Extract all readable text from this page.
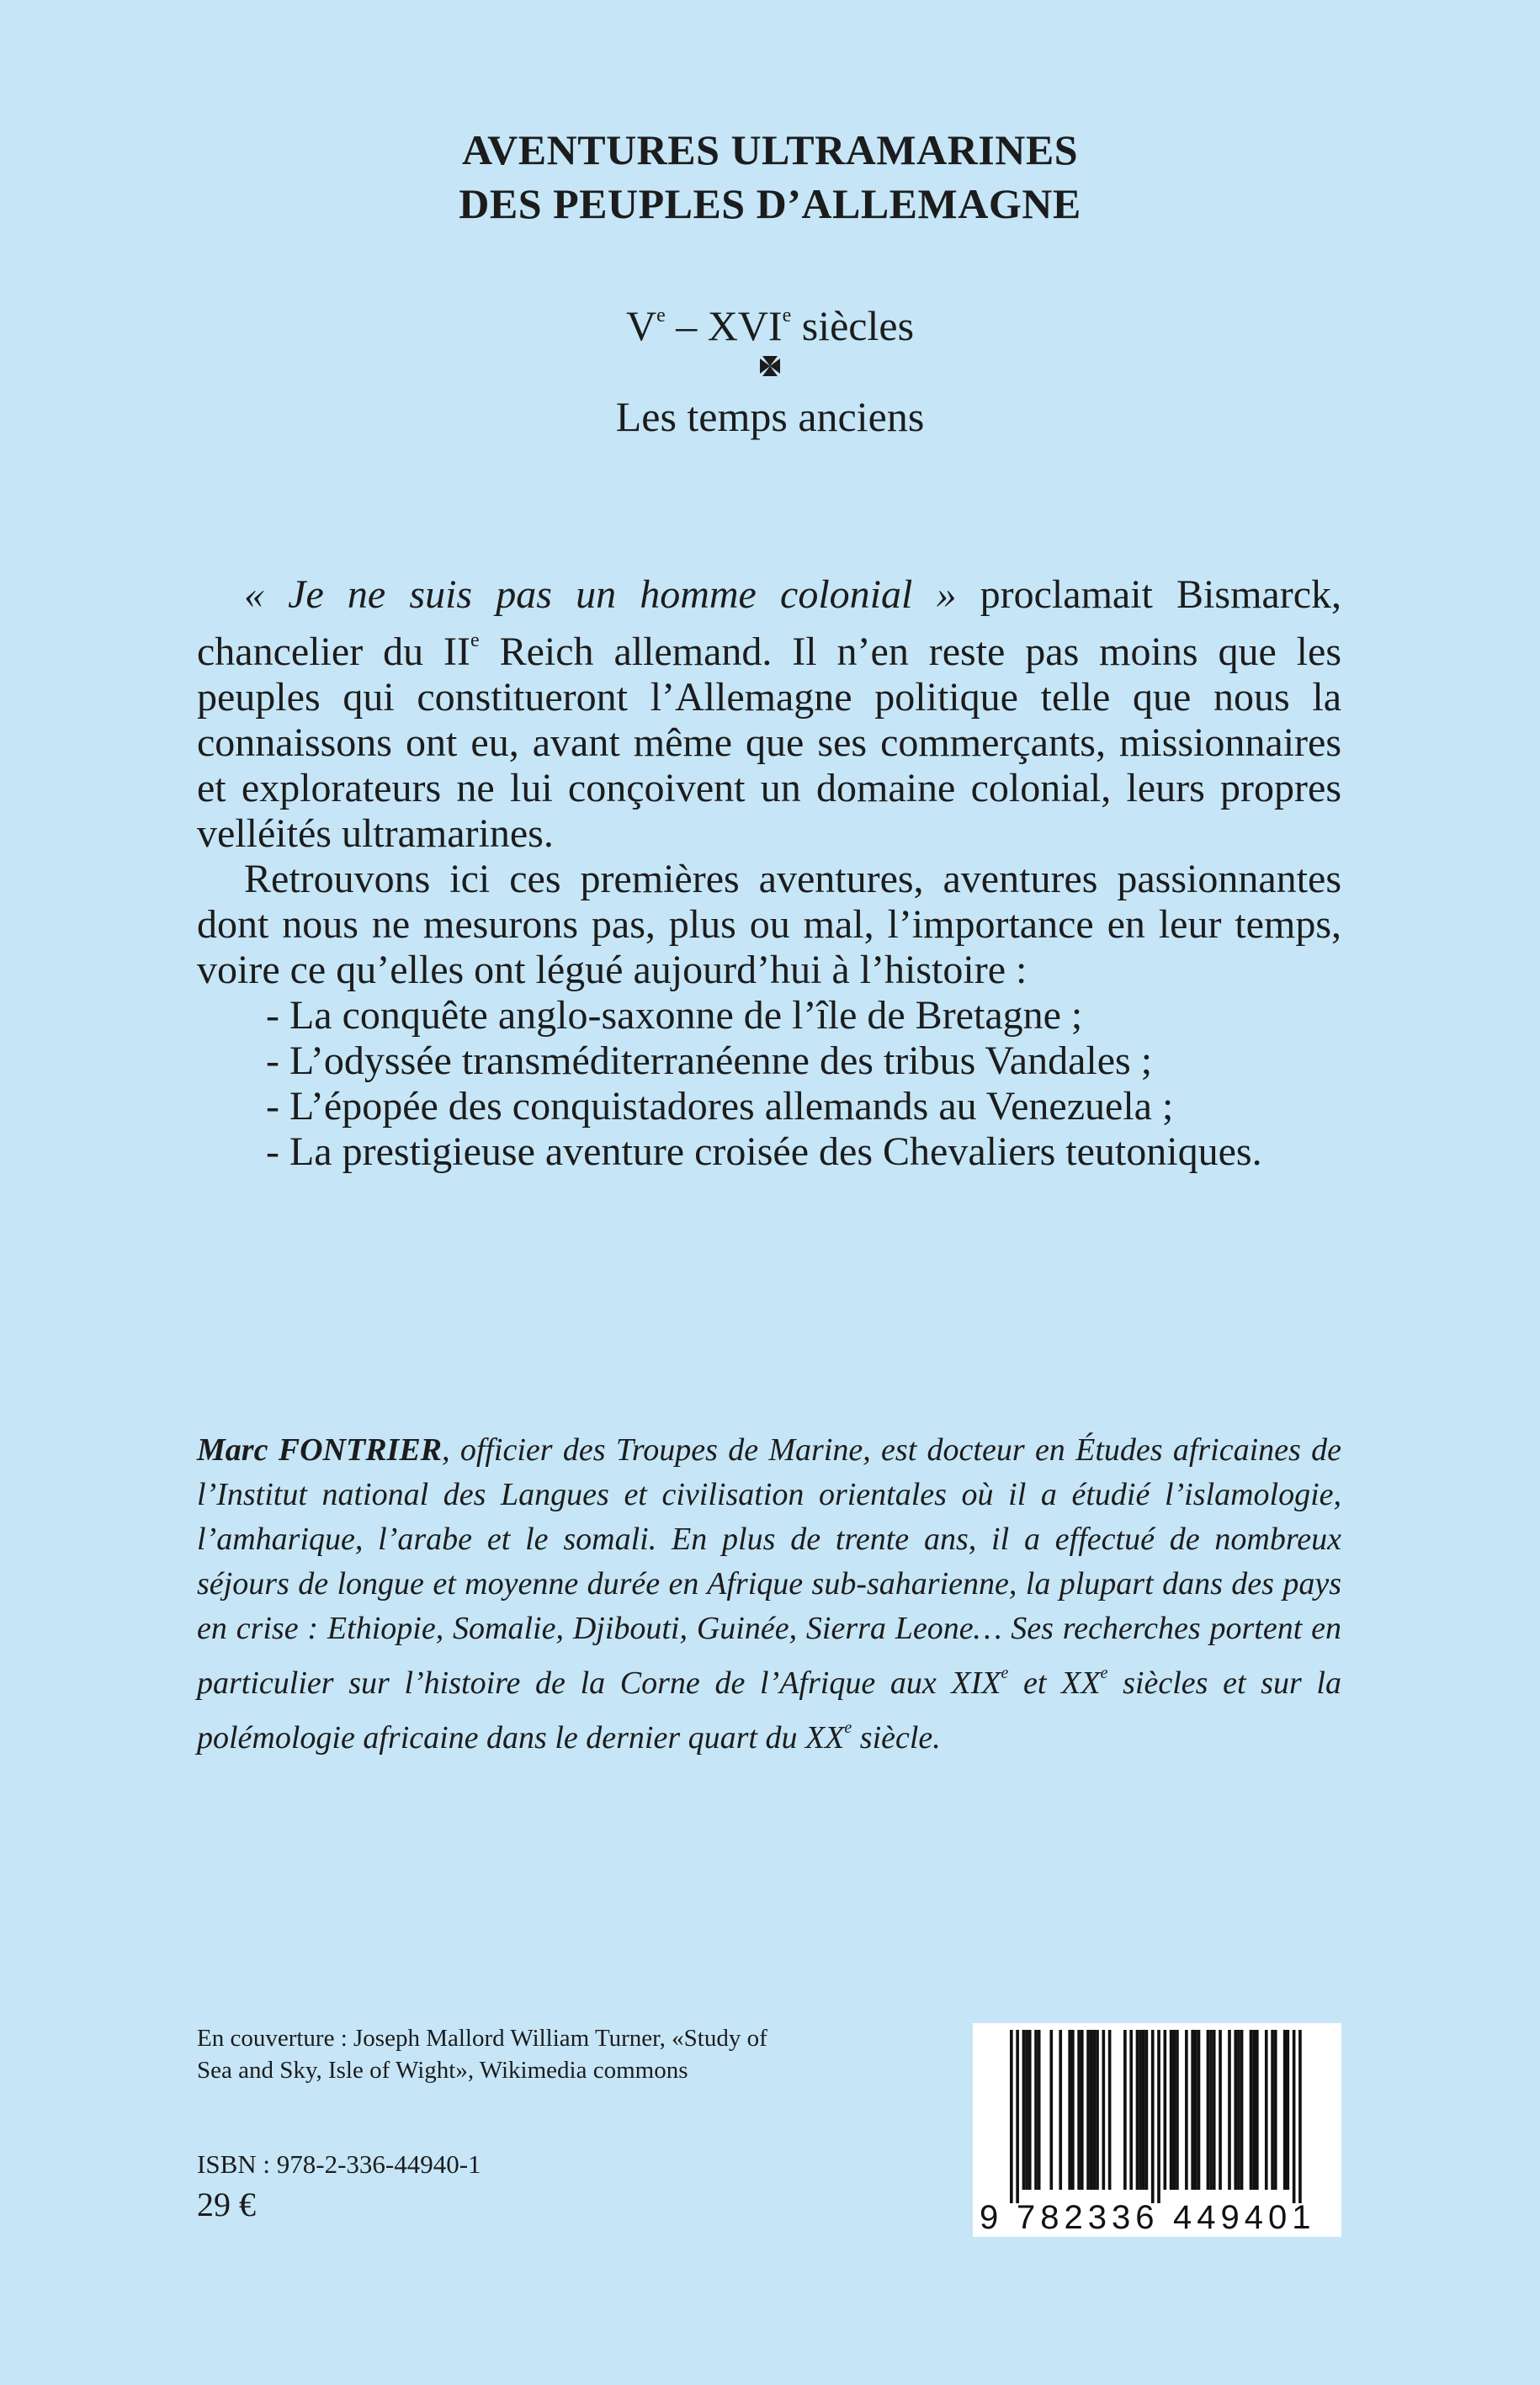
AVENTURES ULTRAMARINES
DES PEUPLES D’ALLEMAGNE
Ve – XVIe siècles
Les temps anciens

« Je ne suis pas un homme colonial » proclamait Bismarck, chancelier du IIe Reich allemand. Il n’en reste pas moins que les peuples qui constitueront l’Allemagne politique telle que nous la connaissons ont eu, avant même que ses commerçants, missionnaires et explorateurs ne lui conçoivent un domaine colonial, leurs propres velléités ultramarines.

Retrouvons ici ces premières aventures, aventures passionnantes dont nous ne mesurons pas, plus ou mal, l’importance en leur temps, voire ce qu’elles ont légué aujourd’hui à l’histoire :

- La conquête anglo-saxonne de l’île de Bretagne ;
- L’odyssée transméditerranéenne des tribus Vandales ;
- L’épopée des conquistadores allemands au Venezuela ;
- La prestigieuse aventure croisée des Chevaliers teutoniques.
Marc FONTRIER, officier des Troupes de Marine, est docteur en Études africaines de l’Institut national des Langues et civilisation orientales où il a étudié l’islamologie, l’amharique, l’arabe et le somali. En plus de trente ans, il a effectué de nombreux séjours de longue et moyenne durée en Afrique sub-saharienne, la plupart dans des pays en crise : Ethiopie, Somalie, Djibouti, Guinée, Sierra Leone… Ses recherches portent en particulier sur l’histoire de la Corne de l’Afrique aux XIXe et XXe siècles et sur la polémologie africaine dans le dernier quart du XXe siècle.
En couverture : Joseph Mallord William Turner, «Study of Sea and Sky, Isle of Wight», Wikimedia commons
ISBN : 978-2-336-44940-1
29 €	9 782336 449401
